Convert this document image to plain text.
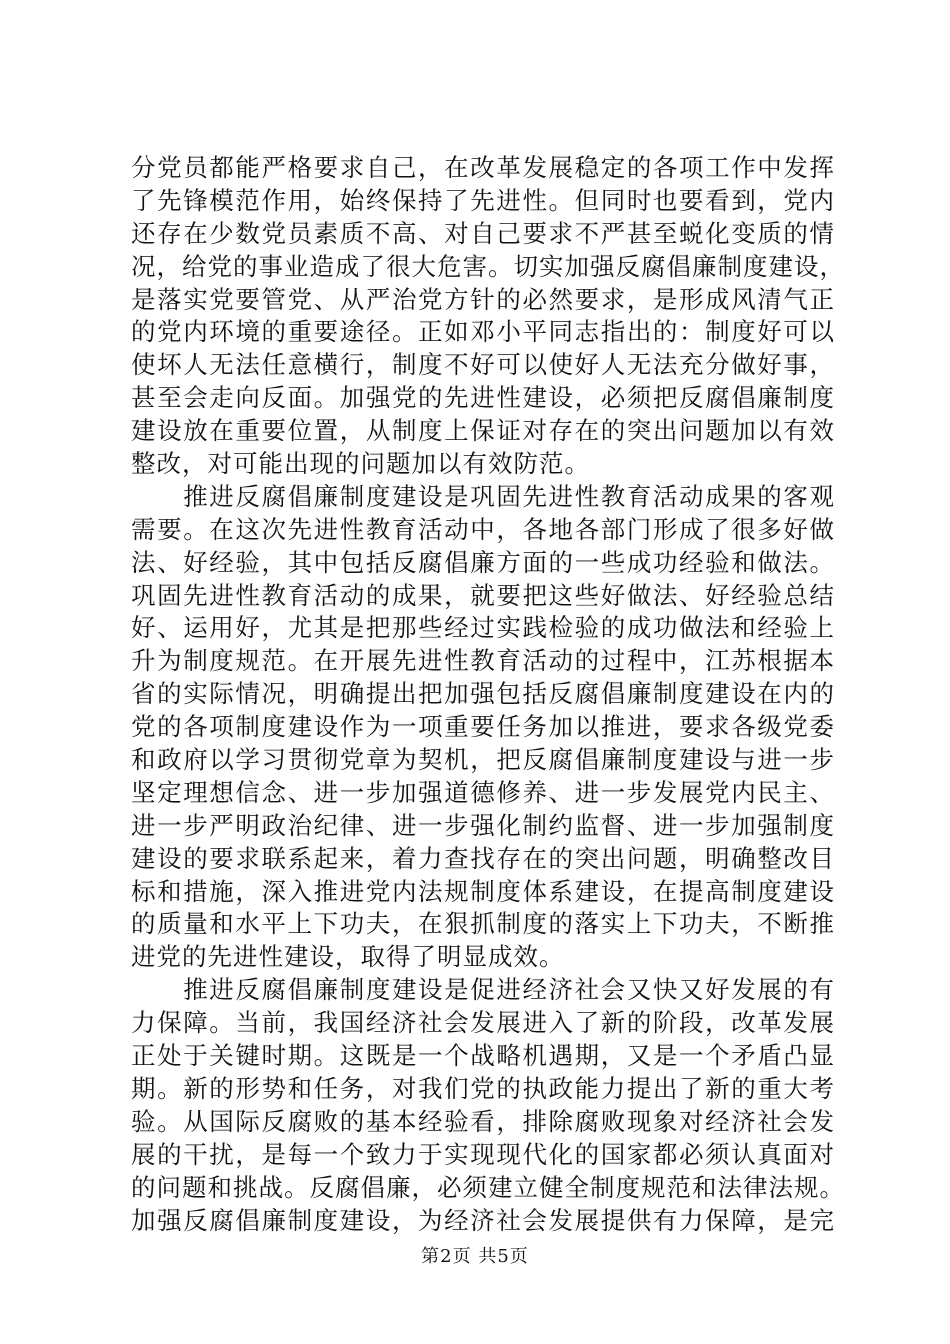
分党员都能严格要求自己，在改革发展稳定的各项工作中发挥
了先锋模范作用，始终保持了先进性。但同时也要看到，党内
还存在少数党员素质不高、对自己要求不严甚至蜕化变质的情
况，给党的事业造成了很大危害。切实加强反腐倡廉制度建设，
是落实党要管党、从严治党方针的必然要求，是形成风清气正
的党内环境的重要途径。正如邓小平同志指出的：制度好可以
使坏人无法任意横行，制度不好可以使好人无法充分做好事，
甚至会走向反面。加强党的先进性建设，必须把反腐倡廉制度
建设放在重要位置，从制度上保证对存在的突出问题加以有效
整改，对可能出现的问题加以有效防范。
　　推进反腐倡廉制度建设是巩固先进性教育活动成果的客观
需要。在这次先进性教育活动中，各地各部门形成了很多好做
法、好经验，其中包括反腐倡廉方面的一些成功经验和做法。
巩固先进性教育活动的成果，就要把这些好做法、好经验总结
好、运用好，尤其是把那些经过实践检验的成功做法和经验上
升为制度规范。在开展先进性教育活动的过程中，江苏根据本
省的实际情况，明确提出把加强包括反腐倡廉制度建设在内的
党的各项制度建设作为一项重要任务加以推进，要求各级党委
和政府以学习贯彻党章为契机，把反腐倡廉制度建设与进一步
坚定理想信念、进一步加强道德修养、进一步发展党内民主、
进一步严明政治纪律、进一步强化制约监督、进一步加强制度
建设的要求联系起来，着力查找存在的突出问题，明确整改目
标和措施，深入推进党内法规制度体系建设，在提高制度建设
的质量和水平上下功夫，在狠抓制度的落实上下功夫，不断推
进党的先进性建设，取得了明显成效。
　　推进反腐倡廉制度建设是促进经济社会又快又好发展的有
力保障。当前，我国经济社会发展进入了新的阶段，改革发展
正处于关键时期。这既是一个战略机遇期，又是一个矛盾凸显
期。新的形势和任务，对我们党的执政能力提出了新的重大考
验。从国际反腐败的基本经验看，排除腐败现象对经济社会发
展的干扰，是每一个致力于实现现代化的国家都必须认真面对
的问题和挑战。反腐倡廉，必须建立健全制度规范和法律法规。
加强反腐倡廉制度建设，为经济社会发展提供有力保障，是完
第2页 共5页
